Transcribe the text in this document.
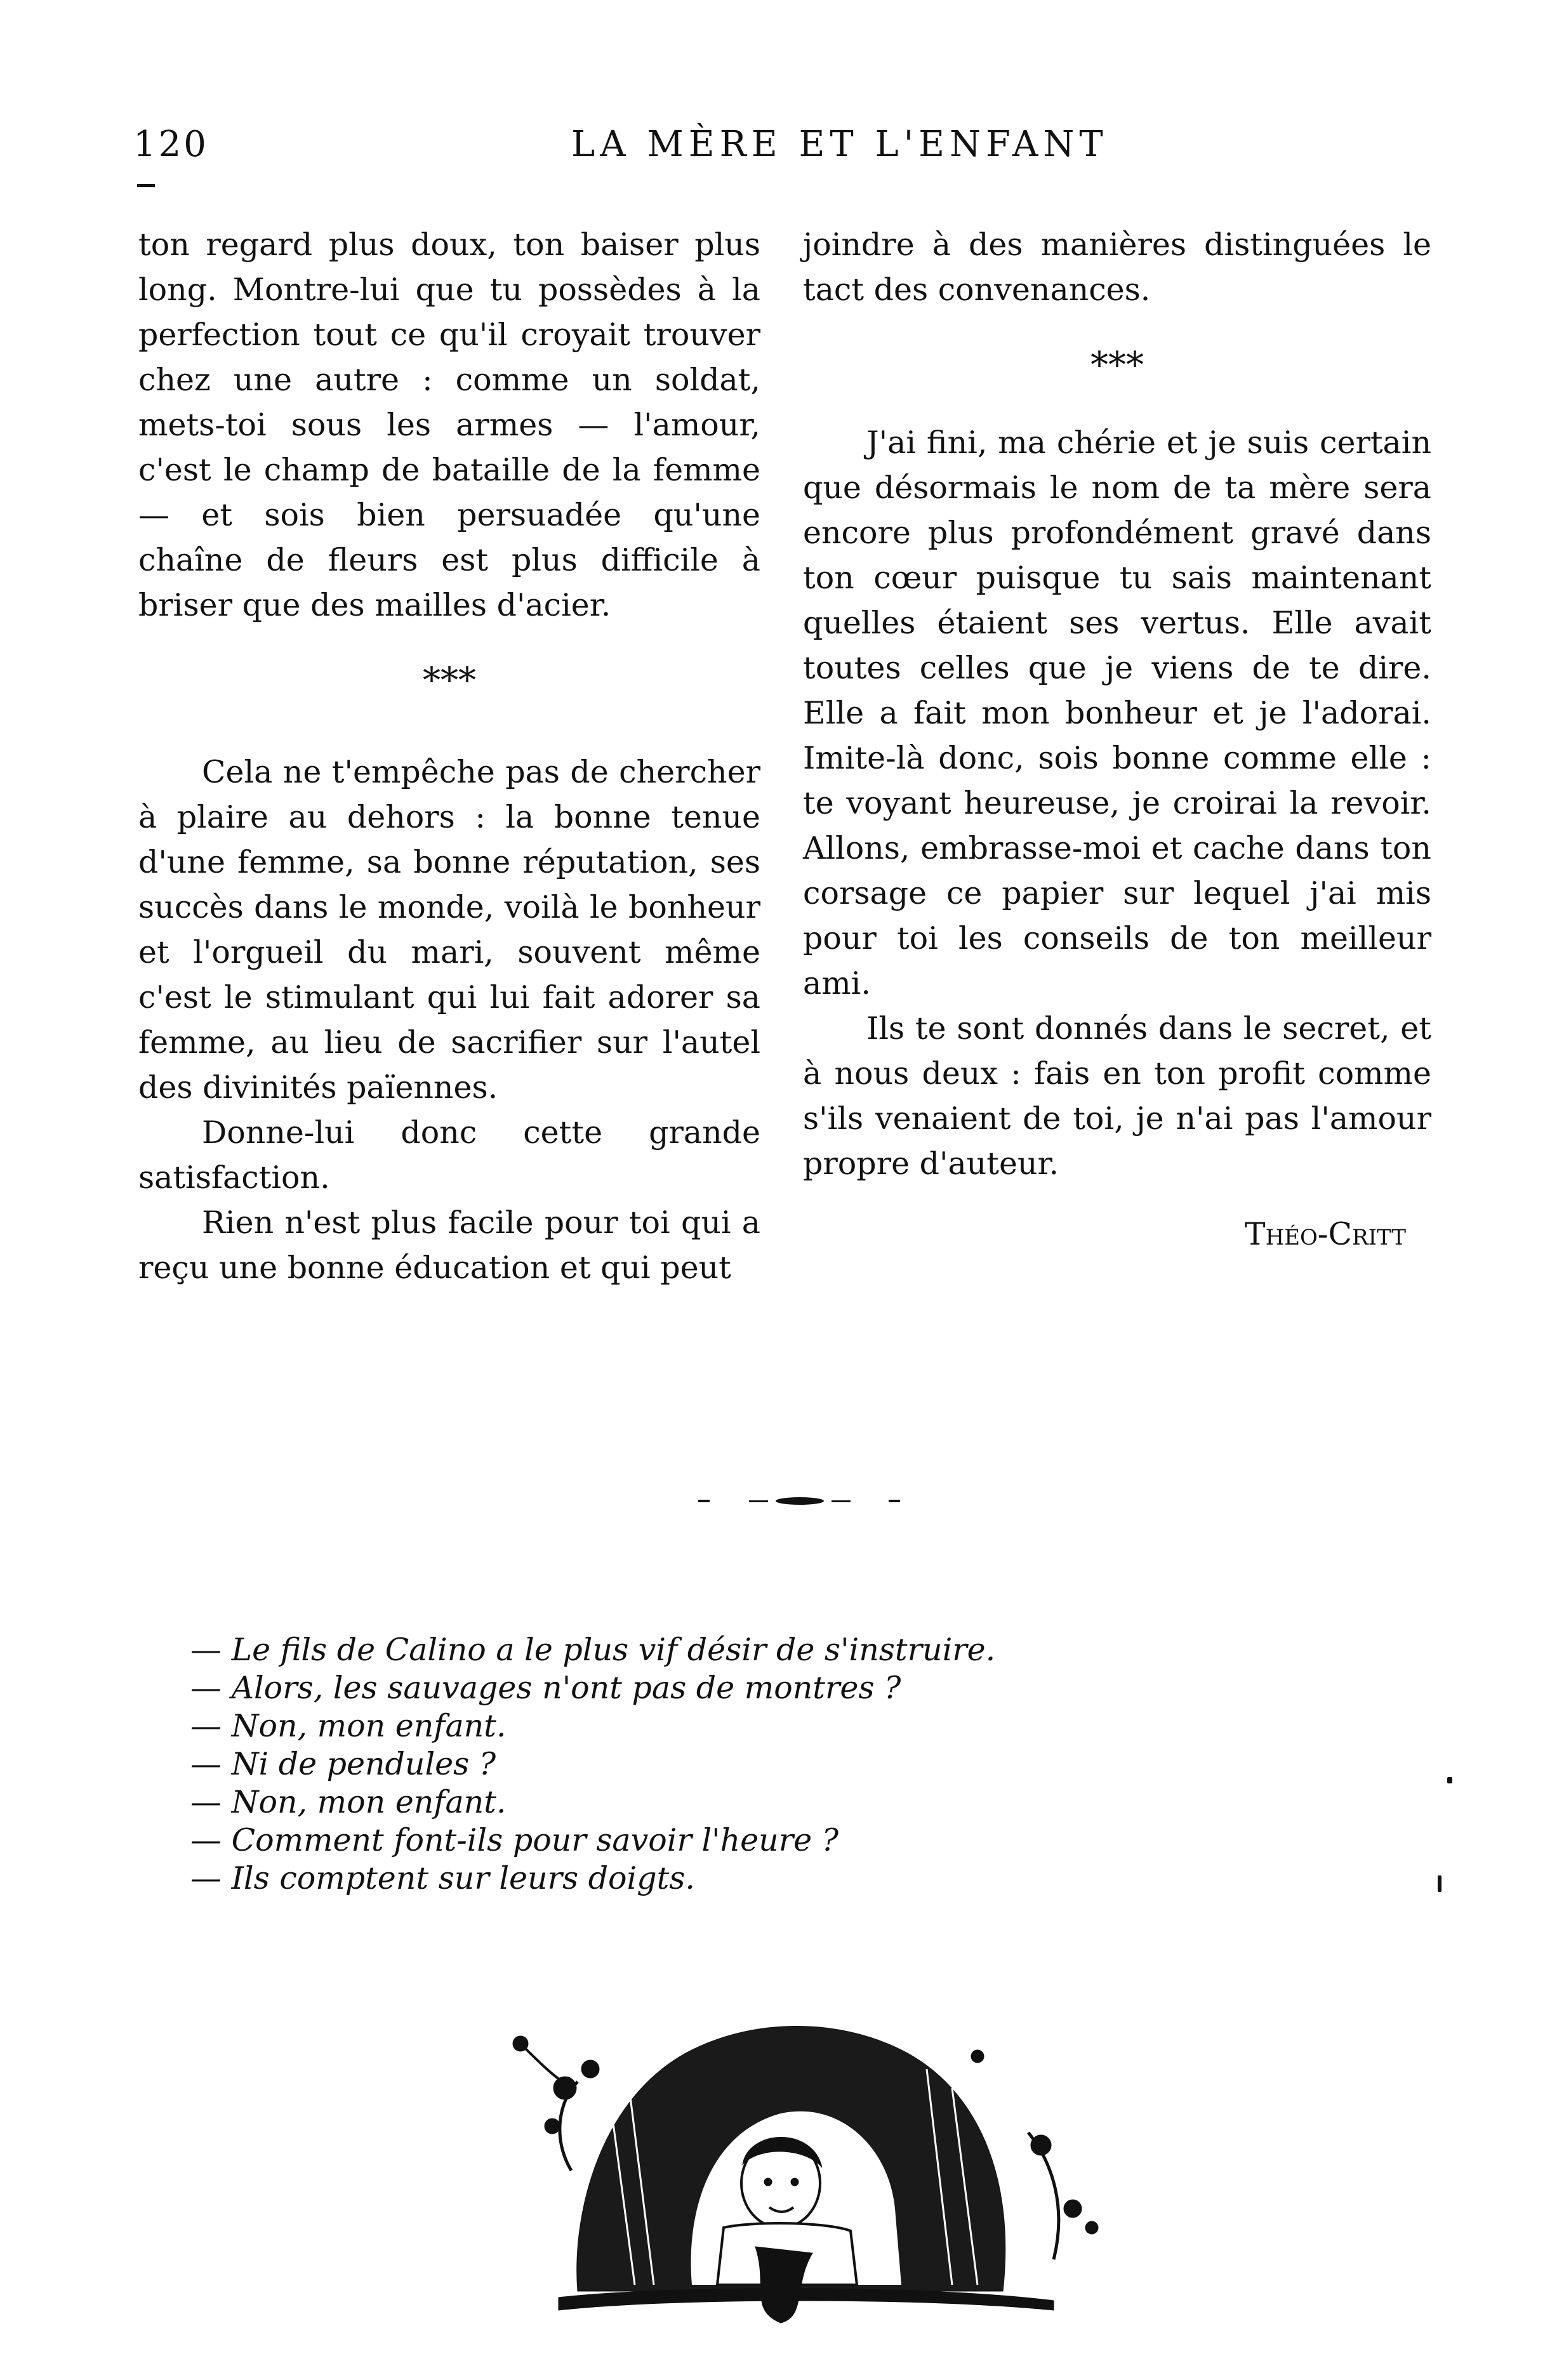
120	LA MÈRE ET L'ENFANT

ton regard plus doux, ton baiser plus long. Montre-lui que tu possèdes à la perfection tout ce qu'il croyait trouver chez une autre : comme un soldat, mets-toi sous les armes — l'amour, c'est le champ de bataille de la femme — et sois bien persuadée qu'une chaîne de fleurs est plus difficile à briser que des mailles d'acier.

***

Cela ne t'empêche pas de chercher à plaire au dehors : la bonne tenue d'une femme, sa bonne réputation, ses succès dans le monde, voilà le bonheur et l'orgueil du mari, souvent même c'est le stimulant qui lui fait adorer sa femme, au lieu de sacrifier sur l'autel des divinités païennes.

Donne-lui donc cette grande satisfaction.

Rien n'est plus facile pour toi qui a reçu une bonne éducation et qui peut

joindre à des manières distinguées le tact des convenances.

***

J'ai fini, ma chérie et je suis certain que désormais le nom de ta mère sera encore plus profondément gravé dans ton cœur puisque tu sais maintenant quelles étaient ses vertus. Elle avait toutes celles que je viens de te dire. Elle a fait mon bonheur et je l'adorai. Imite-là donc, sois bonne comme elle : te voyant heureuse, je croirai la revoir. Allons, embrasse-moi et cache dans ton corsage ce papier sur lequel j'ai mis pour toi les conseils de ton meilleur ami.

Ils te sont donnés dans le secret, et à nous deux : fais en ton profit comme s'ils venaient de toi, je n'ai pas l'amour propre d'auteur.

Théo-Critt
— Le fils de Calino a le plus vif désir de s'instruire.
— Alors, les sauvages n'ont pas de montres ?
— Non, mon enfant.
— Ni de pendules ?
— Non, mon enfant.
— Comment font-ils pour savoir l'heure ?
— Ils comptent sur leurs doigts.
